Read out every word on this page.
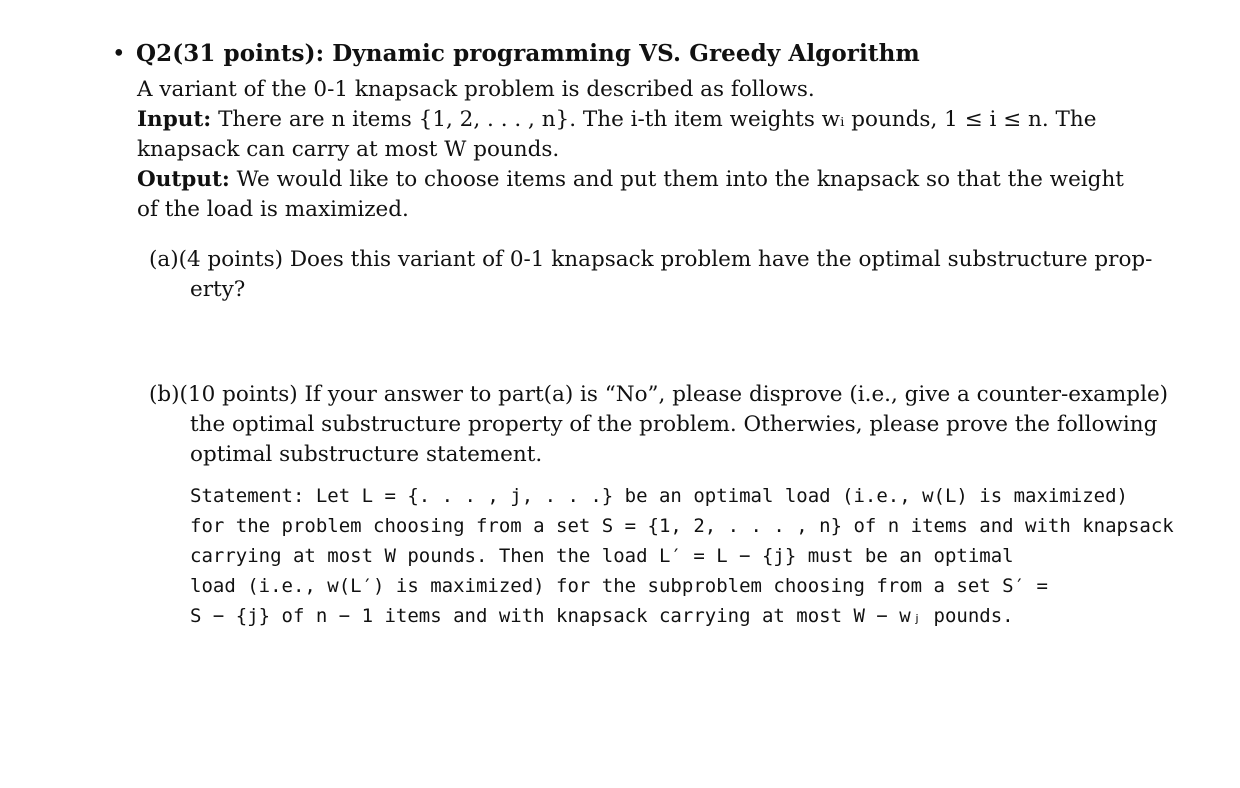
• Q2(31 points): Dynamic programming VS. Greedy Algorithm
A variant of the 0-1 knapsack problem is described as follows.
Input: There are n items {1, 2, . . . , n}. The i-th item weights wᵢ pounds, 1 ≤ i ≤ n. The
knapsack can carry at most W pounds.
Output: We would like to choose items and put them into the knapsack so that the weight
of the load is maximized.
(a)(4 points) Does this variant of 0-1 knapsack problem have the optimal substructure prop-
erty?
(b)(10 points) If your answer to part(a) is “No”, please disprove (i.e., give a counter-example)
the optimal substructure property of the problem. Otherwies, please prove the following
optimal substructure statement.
Statement: Let L = {. . . , j, . . .} be an optimal load (i.e., w(L) is maximized)
for the problem choosing from a set S = {1, 2, . . . , n} of n items and with knapsack
carrying at most W pounds. Then the load L′ = L − {j} must be an optimal
load (i.e., w(L′) is maximized) for the subproblem choosing from a set S′ =
S − {j} of n − 1 items and with knapsack carrying at most W − wⱼ pounds.
